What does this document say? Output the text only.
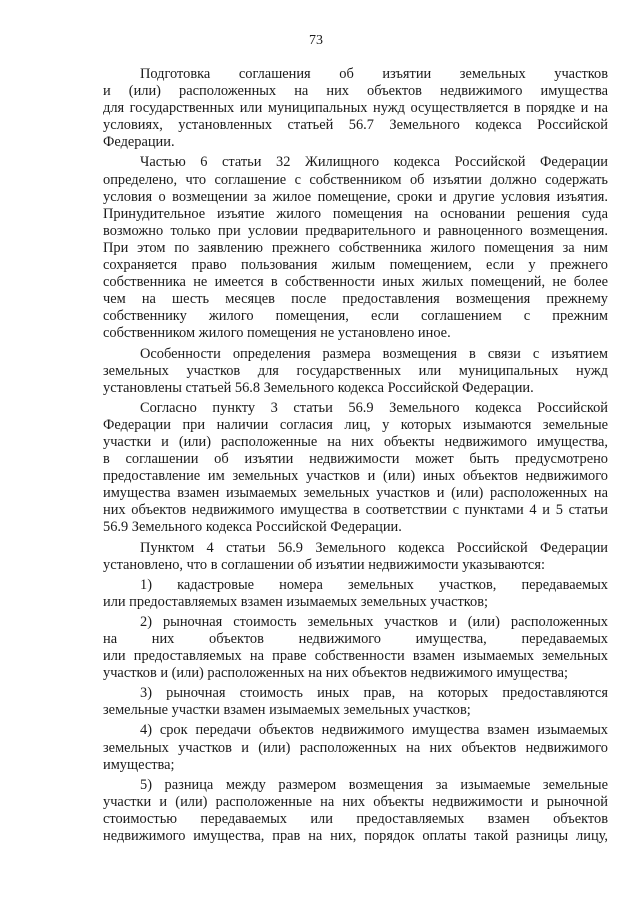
73
Подготовка соглашения об изъятии земельных участков
и (или) расположенных на них объектов недвижимого имущества
для государственных или муниципальных нужд осуществляется в порядке и на
условиях, установленных статьей 56.7 Земельного кодекса Российской
Федерации.
Частью 6 статьи 32 Жилищного кодекса Российской Федерации
определено, что соглашение с собственником об изъятии должно содержать
условия о возмещении за жилое помещение, сроки и другие условия изъятия.
Принудительное изъятие жилого помещения на основании решения суда
возможно только при условии предварительного и равноценного возмещения.
При этом по заявлению прежнего собственника жилого помещения за ним
сохраняется право пользования жилым помещением, если у прежнего
собственника не имеется в собственности иных жилых помещений, не более
чем на шесть месяцев после предоставления возмещения прежнему
собственнику жилого помещения, если соглашением с прежним
собственником жилого помещения не установлено иное.
Особенности определения размера возмещения в связи с изъятием
земельных участков для государственных или муниципальных нужд
установлены статьей 56.8 Земельного кодекса Российской Федерации.
Согласно пункту 3 статьи 56.9 Земельного кодекса Российской
Федерации при наличии согласия лиц, у которых изымаются земельные
участки и (или) расположенные на них объекты недвижимого имущества,
в соглашении об изъятии недвижимости может быть предусмотрено
предоставление им земельных участков и (или) иных объектов недвижимого
имущества взамен изымаемых земельных участков и (или) расположенных на
них объектов недвижимого имущества в соответствии с пунктами 4 и 5 статьи
56.9 Земельного кодекса Российской Федерации.
Пунктом 4 статьи 56.9 Земельного кодекса Российской Федерации
установлено, что в соглашении об изъятии недвижимости указываются:
1) кадастровые номера земельных участков, передаваемых
или предоставляемых взамен изымаемых земельных участков;
2) рыночная стоимость земельных участков и (или) расположенных
на них объектов недвижимого имущества, передаваемых
или предоставляемых на праве собственности взамен изымаемых земельных
участков и (или) расположенных на них объектов недвижимого имущества;
3) рыночная стоимость иных прав, на которых предоставляются
земельные участки взамен изымаемых земельных участков;
4) срок передачи объектов недвижимого имущества взамен изымаемых
земельных участков и (или) расположенных на них объектов недвижимого
имущества;
5) разница между размером возмещения за изымаемые земельные
участки и (или) расположенные на них объекты недвижимости и рыночной
стоимостью передаваемых или предоставляемых взамен объектов
недвижимого имущества, прав на них, порядок оплаты такой разницы лицу,
